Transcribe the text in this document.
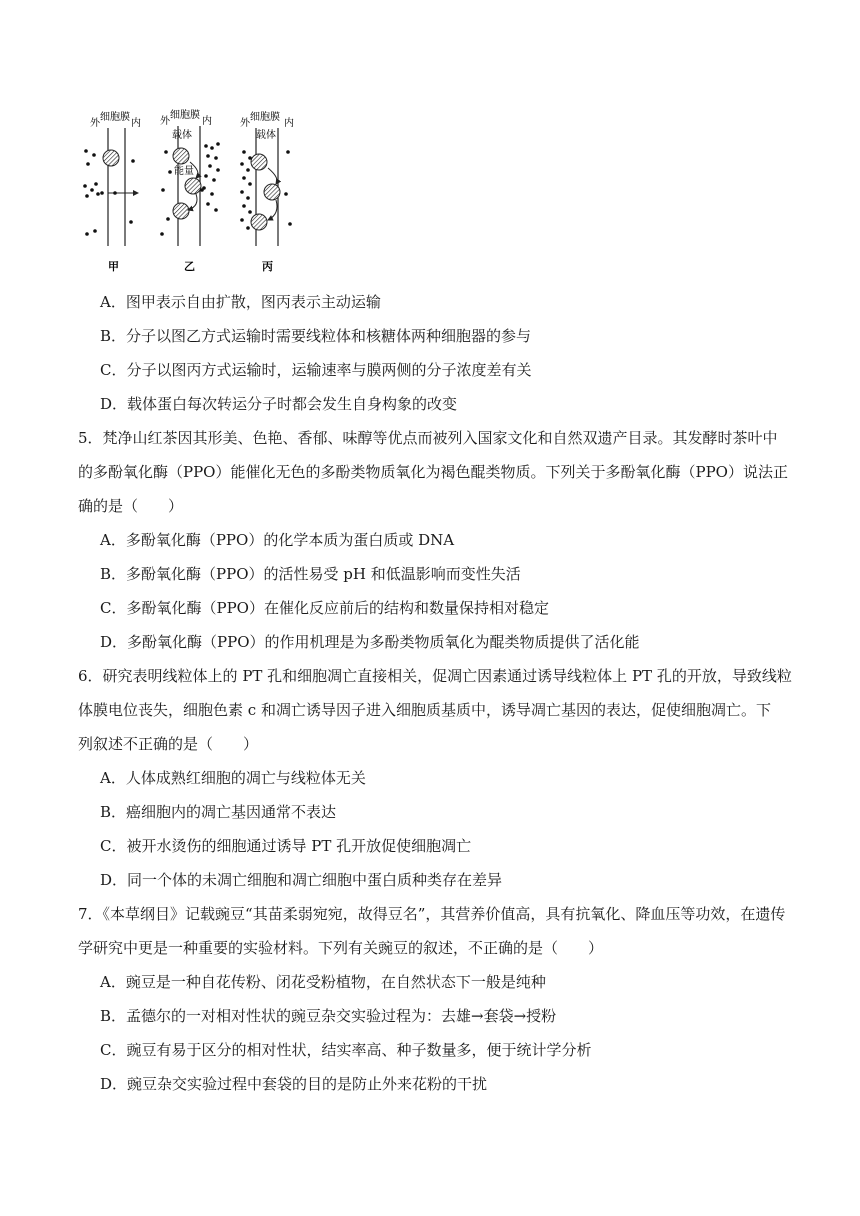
外
细胞膜
内
甲
外
细胞膜
内
载体
能量
乙
外
细胞膜
内
载体
丙
A．图甲表示自由扩散，图丙表示主动运输
B．分子以图乙方式运输时需要线粒体和核糖体两种细胞器的参与
C．分子以图丙方式运输时，运输速率与膜两侧的分子浓度差有关
D．载体蛋白每次转运分子时都会发生自身构象的改变
5．梵净山红茶因其形美、色艳、香郁、味醇等优点而被列入国家文化和自然双遗产目录。其发酵时茶叶中
的多酚氧化酶（PPO）能催化无色的多酚类物质氧化为褐色醌类物质。下列关于多酚氧化酶（PPO）说法正
确的是（　　）
A．多酚氧化酶（PPO）的化学本质为蛋白质或 DNA
B．多酚氧化酶（PPO）的活性易受 pH 和低温影响而变性失活
C．多酚氧化酶（PPO）在催化反应前后的结构和数量保持相对稳定
D．多酚氧化酶（PPO）的作用机理是为多酚类物质氧化为醌类物质提供了活化能
6．研究表明线粒体上的 PT 孔和细胞凋亡直接相关，促凋亡因素通过诱导线粒体上 PT 孔的开放，导致线粒
体膜电位丧失，细胞色素 c 和凋亡诱导因子进入细胞质基质中，诱导凋亡基因的表达，促使细胞凋亡。下
列叙述不正确的是（　　）
A．人体成熟红细胞的凋亡与线粒体无关
B．癌细胞内的凋亡基因通常不表达
C．被开水烫伤的细胞通过诱导 PT 孔开放促使细胞凋亡
D．同一个体的未凋亡细胞和凋亡细胞中蛋白质种类存在差异
7．《本草纲目》记载豌豆“其苗柔弱宛宛，故得豆名”，其营养价值高，具有抗氧化、降血压等功效，在遗传
学研究中更是一种重要的实验材料。下列有关豌豆的叙述，不正确的是（　　）
A．豌豆是一种自花传粉、闭花受粉植物，在自然状态下一般是纯种
B．孟德尔的一对相对性状的豌豆杂交实验过程为：去雄→套袋→授粉
C．豌豆有易于区分的相对性状，结实率高、种子数量多，便于统计学分析
D．豌豆杂交实验过程中套袋的目的是防止外来花粉的干扰
